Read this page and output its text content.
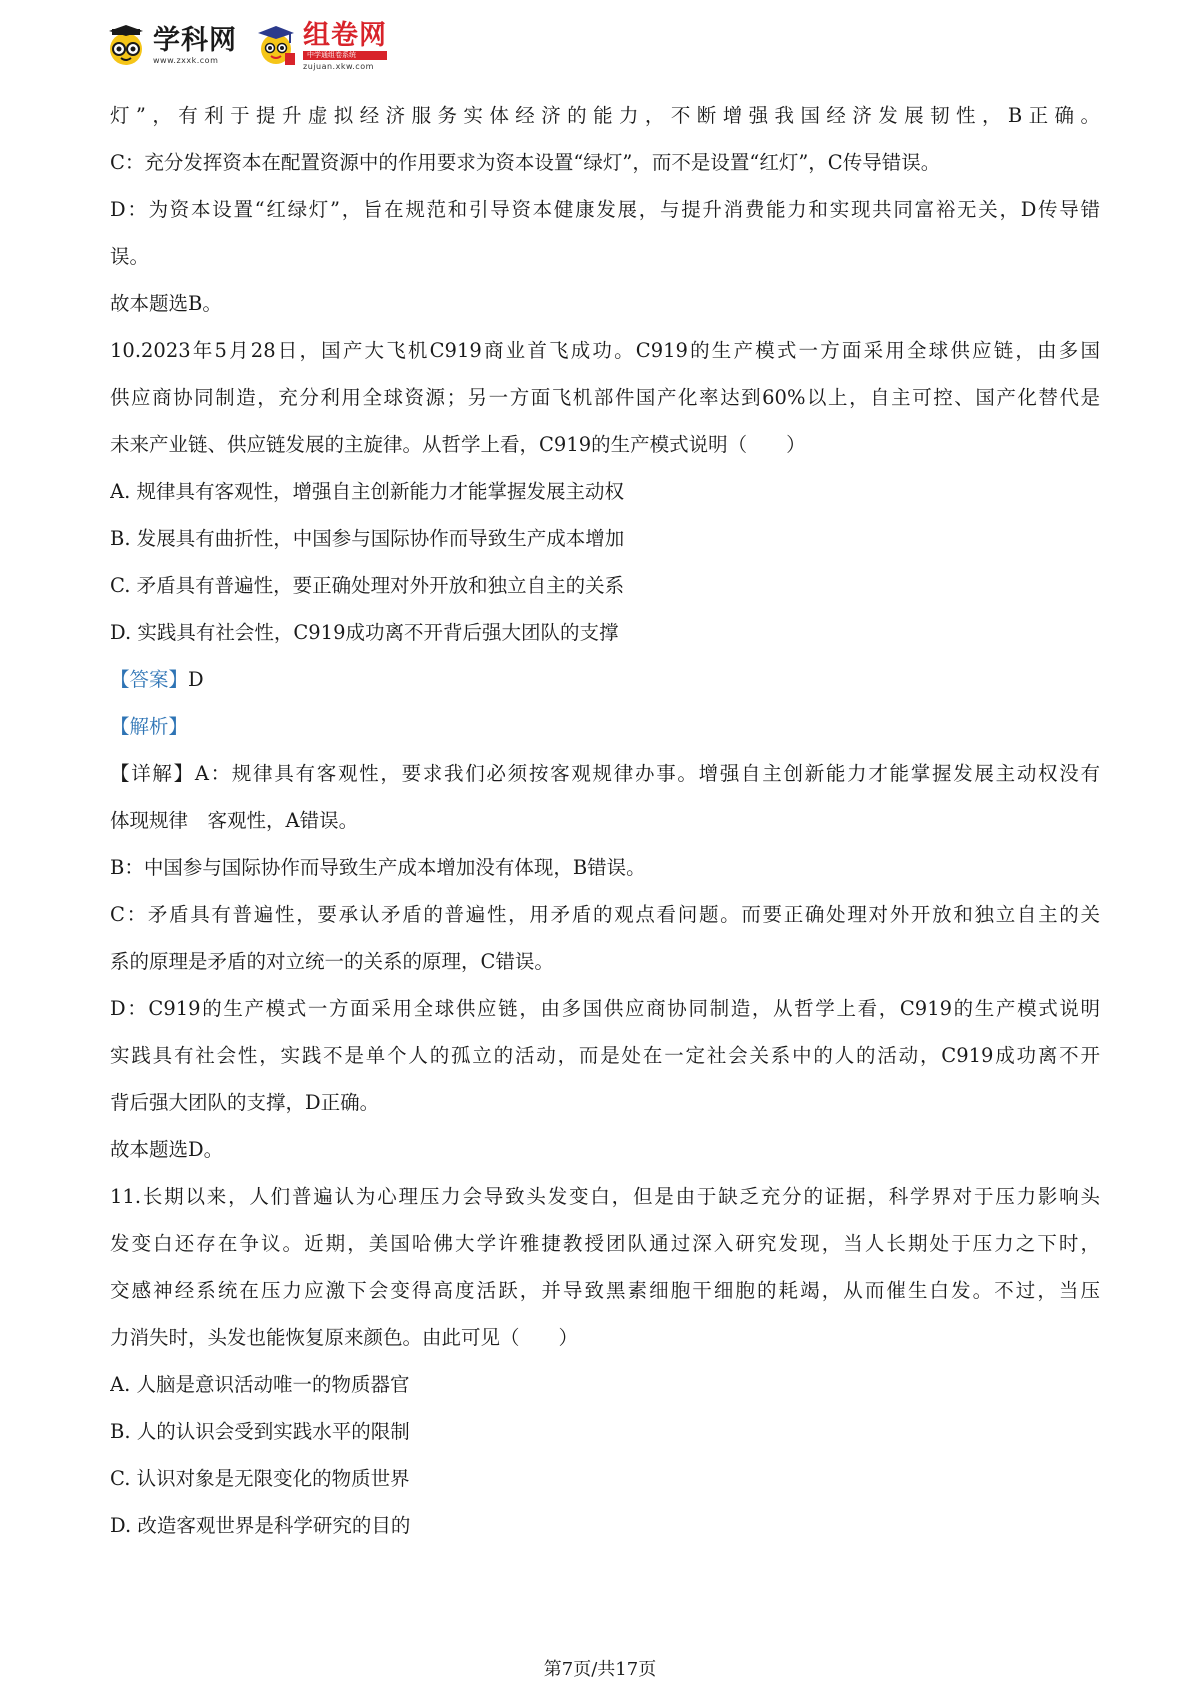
学科网
www.zxxk.com
组卷网
中学通组卷系统
zujuan.xkw.com
灯”，有利于提升虚拟经济服务实体经济的能力，不断增强我国经济发展韧性，B正确。
C：充分发挥资本在配置资源中的作用要求为资本设置“绿灯”，而不是设置“红灯”，C传导错误。
D：为资本设置“红绿灯”，旨在规范和引导资本健康发展，与提升消费能力和实现共同富裕无关，D传导错
误。
故本题选B。
10.2023年5月28日，国产大飞机C919商业首飞成功。C919的生产模式一方面采用全球供应链，由多国
供应商协同制造，充分利用全球资源；另一方面飞机部件国产化率达到60%以上，自主可控、国产化替代是
未来产业链、供应链发展的主旋律。从哲学上看，C919的生产模式说明（　　）
A. 规律具有客观性，增强自主创新能力才能掌握发展主动权
B. 发展具有曲折性，中国参与国际协作而导致生产成本增加
C. 矛盾具有普遍性，要正确处理对外开放和独立自主的关系
D. 实践具有社会性，C919成功离不开背后强大团队的支撑
【答案】D
【解析】
【详解】A：规律具有客观性，要求我们必须按客观规律办事。增强自主创新能力才能掌握发展主动权没有
体现规律　客观性，A错误。
B：中国参与国际协作而导致生产成本增加没有体现，B错误。
C：矛盾具有普遍性，要承认矛盾的普遍性，用矛盾的观点看问题。而要正确处理对外开放和独立自主的关
系的原理是矛盾的对立统一的关系的原理，C错误。
D：C919的生产模式一方面采用全球供应链，由多国供应商协同制造，从哲学上看，C919的生产模式说明
实践具有社会性，实践不是单个人的孤立的活动，而是处在一定社会关系中的人的活动，C919成功离不开
背后强大团队的支撑，D正确。
故本题选D。
11.长期以来，人们普遍认为心理压力会导致头发变白，但是由于缺乏充分的证据，科学界对于压力影响头
发变白还存在争议。近期，美国哈佛大学许雅捷教授团队通过深入研究发现，当人长期处于压力之下时，
交感神经系统在压力应激下会变得高度活跃，并导致黑素细胞干细胞的耗竭，从而催生白发。不过，当压
力消失时，头发也能恢复原来颜色。由此可见（　　）
A. 人脑是意识活动唯一的物质器官
B. 人的认识会受到实践水平的限制
C. 认识对象是无限变化的物质世界
D. 改造客观世界是科学研究的目的
第7页/共17页
